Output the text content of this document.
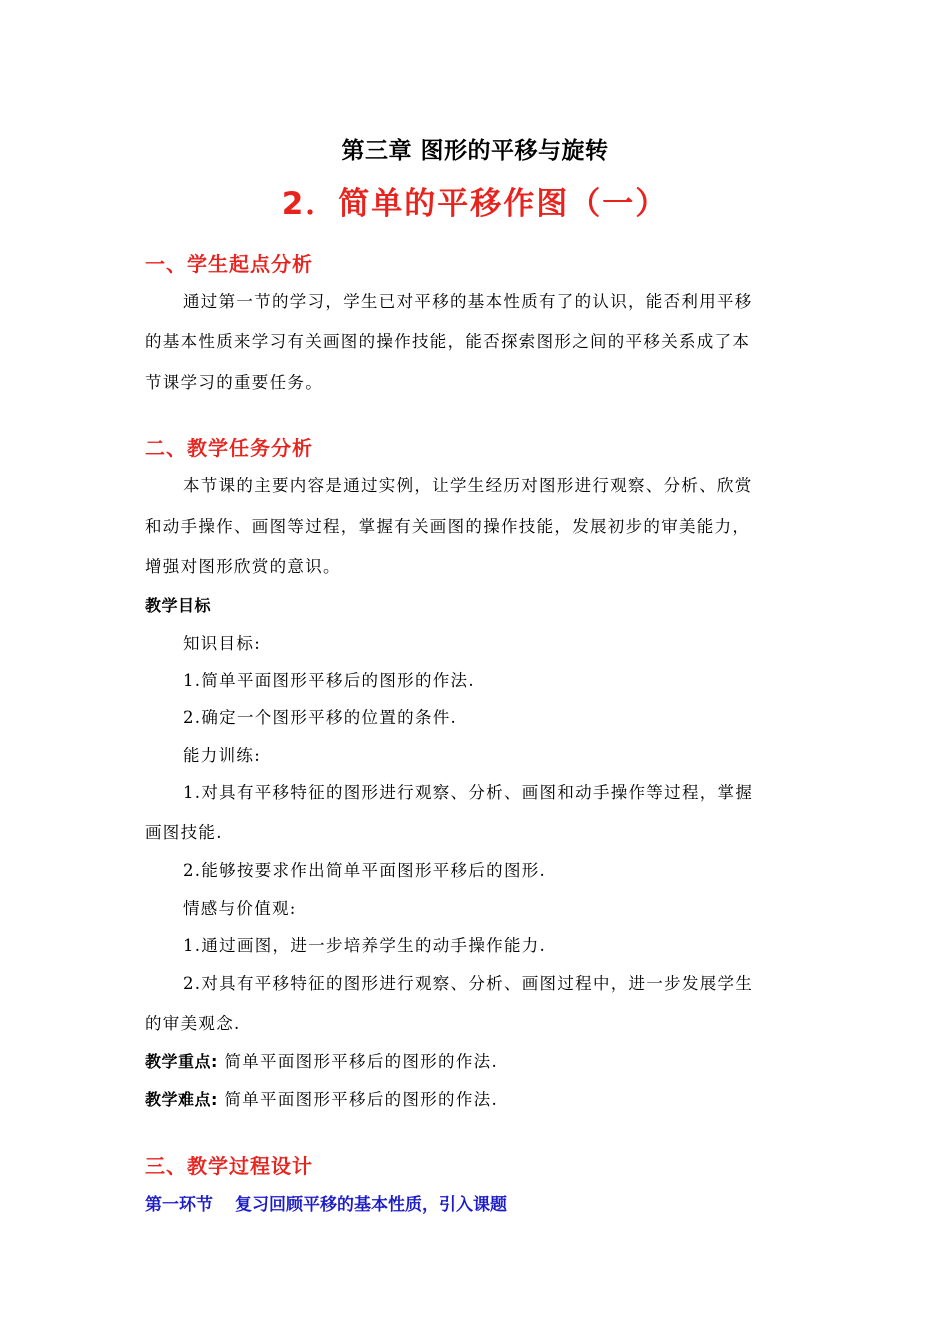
第三章 图形的平移与旋转
2．简单的平移作图（一）
一、学生起点分析
通过第一节的学习，学生已对平移的基本性质有了的认识，能否利用平移
的基本性质来学习有关画图的操作技能，能否探索图形之间的平移关系成了本
节课学习的重要任务。
二、教学任务分析
本节课的主要内容是通过实例，让学生经历对图形进行观察、分析、欣赏
和动手操作、画图等过程，掌握有关画图的操作技能，发展初步的审美能力，
增强对图形欣赏的意识。
教学目标
知识目标:
1.简单平面图形平移后的图形的作法.
2.确定一个图形平移的位置的条件.
能力训练:
1.对具有平移特征的图形进行观察、分析、画图和动手操作等过程，掌握
画图技能.
2.能够按要求作出简单平面图形平移后的图形.
情感与价值观:
1.通过画图，进一步培养学生的动手操作能力.
2.对具有平移特征的图形进行观察、分析、画图过程中，进一步发展学生
的审美观念.
教学重点: 简单平面图形平移后的图形的作法.
教学难点: 简单平面图形平移后的图形的作法.
三、教学过程设计
第一环节 复习回顾平移的基本性质，引入课题
